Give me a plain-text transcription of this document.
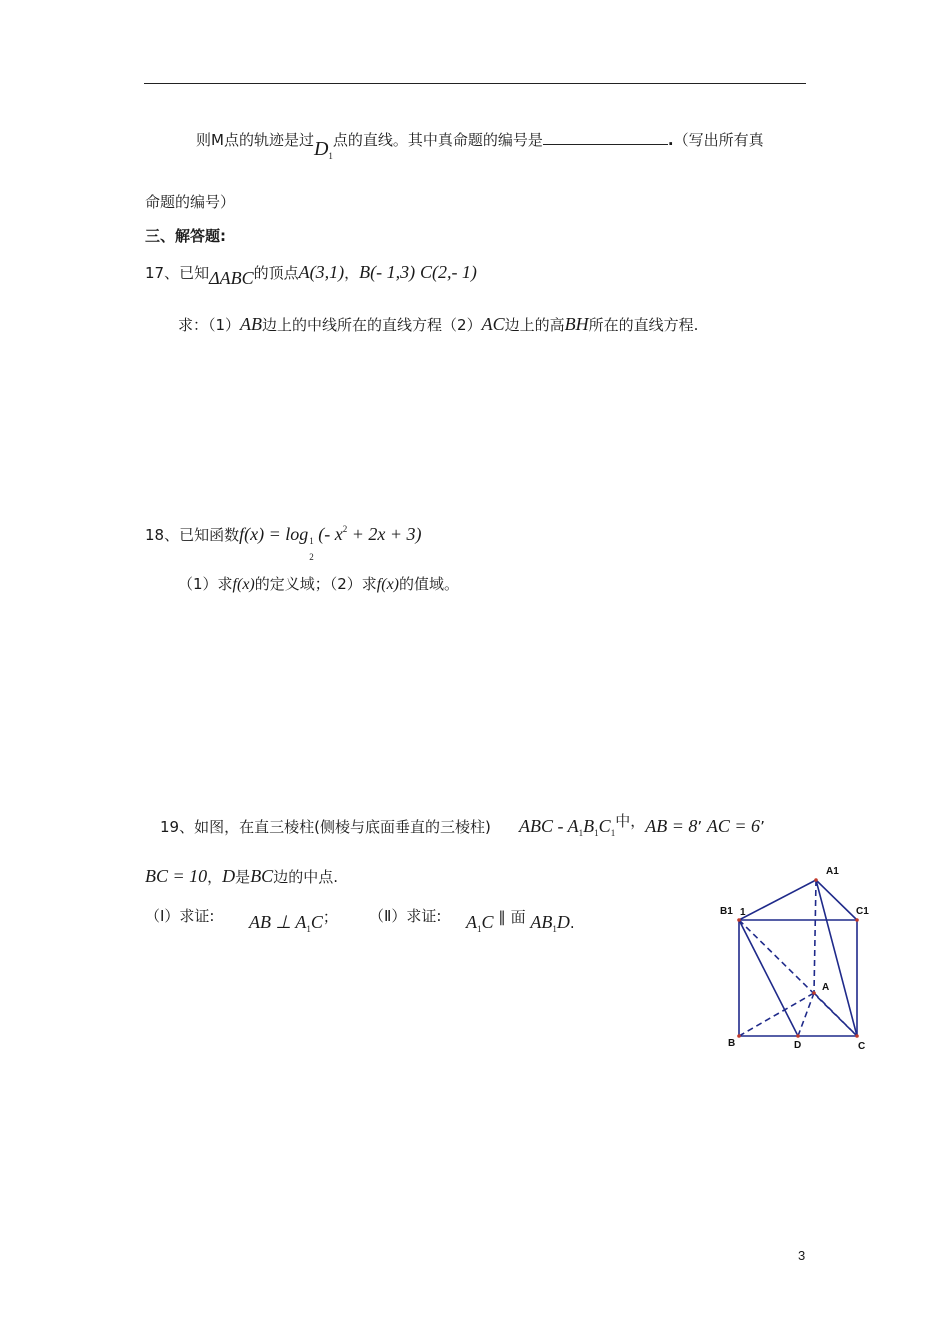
则M点的轨迹是过$D_1$点的直线。其中真命题的编号是	.（写出所有真
命题的编号）
三、解答题:
17、已知ΔABC的顶点A(3,1)，B(- 1,3) C(2,- 1)
求：（1）AB边上的中线所在的直线方程（2）AC边上的高BH所在的直线方程.
18、已知函数f(x) = log 1
2
(- $x^2 + 2x + 3$)
（1）求f(x)的定义域；（2）求f(x)的值域。
19、如图，在直三棱柱(侧棱与底面垂直的三棱柱) ABC - $A_1B_1C_1$中，AB = 8’ AC = 6’
BC = 10，D是BC边的中点.
（Ⅰ）求证: AB ⊥ $A_1C$； （Ⅱ）求证: $A_1C$ ∥ 面 $AB_1D$.
A1
B1 1	C1
A
B	D	C
3
